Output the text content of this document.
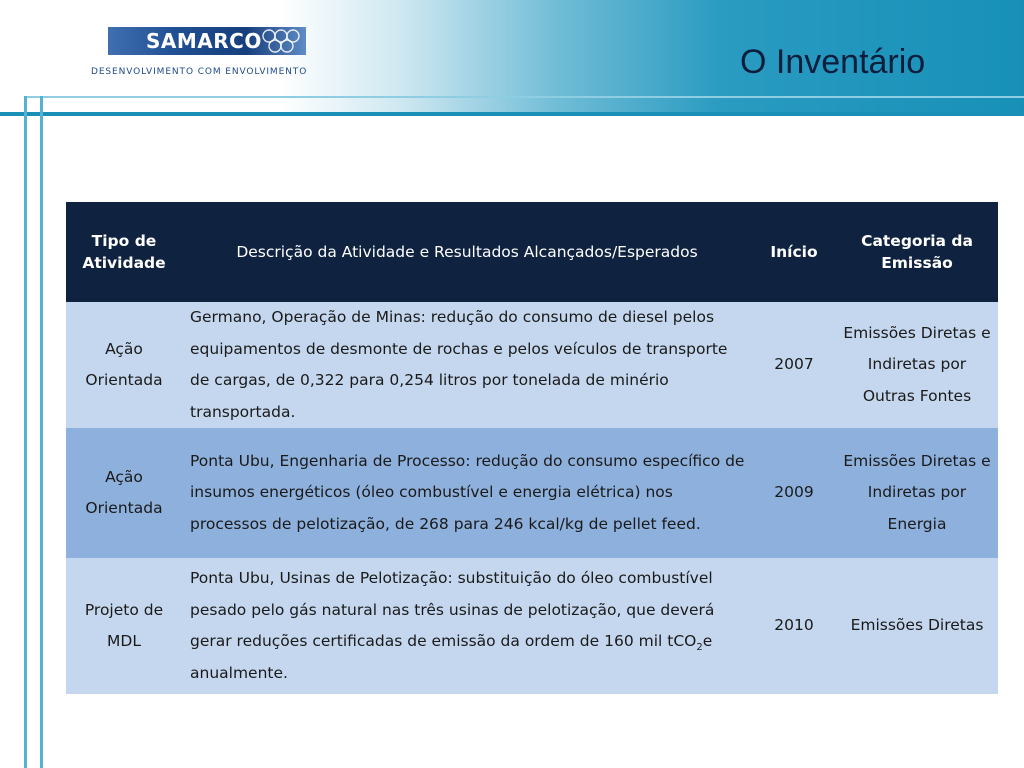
SAMARCO
DESENVOLVIMENTO COM ENVOLVIMENTO	O Inventário
Tipo de Atividade	Descrição da Atividade e Resultados Alcançados/Esperados	Início	Categoria da Emissão
Ação Orientada	Germano, Operação de Minas: redução do consumo de diesel pelos equipamentos de desmonte de rochas e pelos veículos de transporte de cargas, de 0,322 para 0,254 litros por tonelada de minério transportada.	2007	Emissões Diretas e Indiretas por Outras Fontes
Ação Orientada	Ponta Ubu, Engenharia de Processo: redução do consumo específico de insumos energéticos (óleo combustível e energia elétrica) nos processos de pelotização, de 268 para 246 kcal/kg de pellet feed.	2009	Emissões Diretas e Indiretas por Energia
Projeto de MDL	Ponta Ubu, Usinas de Pelotização: substituição do óleo combustível pesado pelo gás natural nas três usinas de pelotização, que deverá gerar reduções certificadas de emissão da ordem de 160 mil tCO$_2$e anualmente.	2010	Emissões Diretas
